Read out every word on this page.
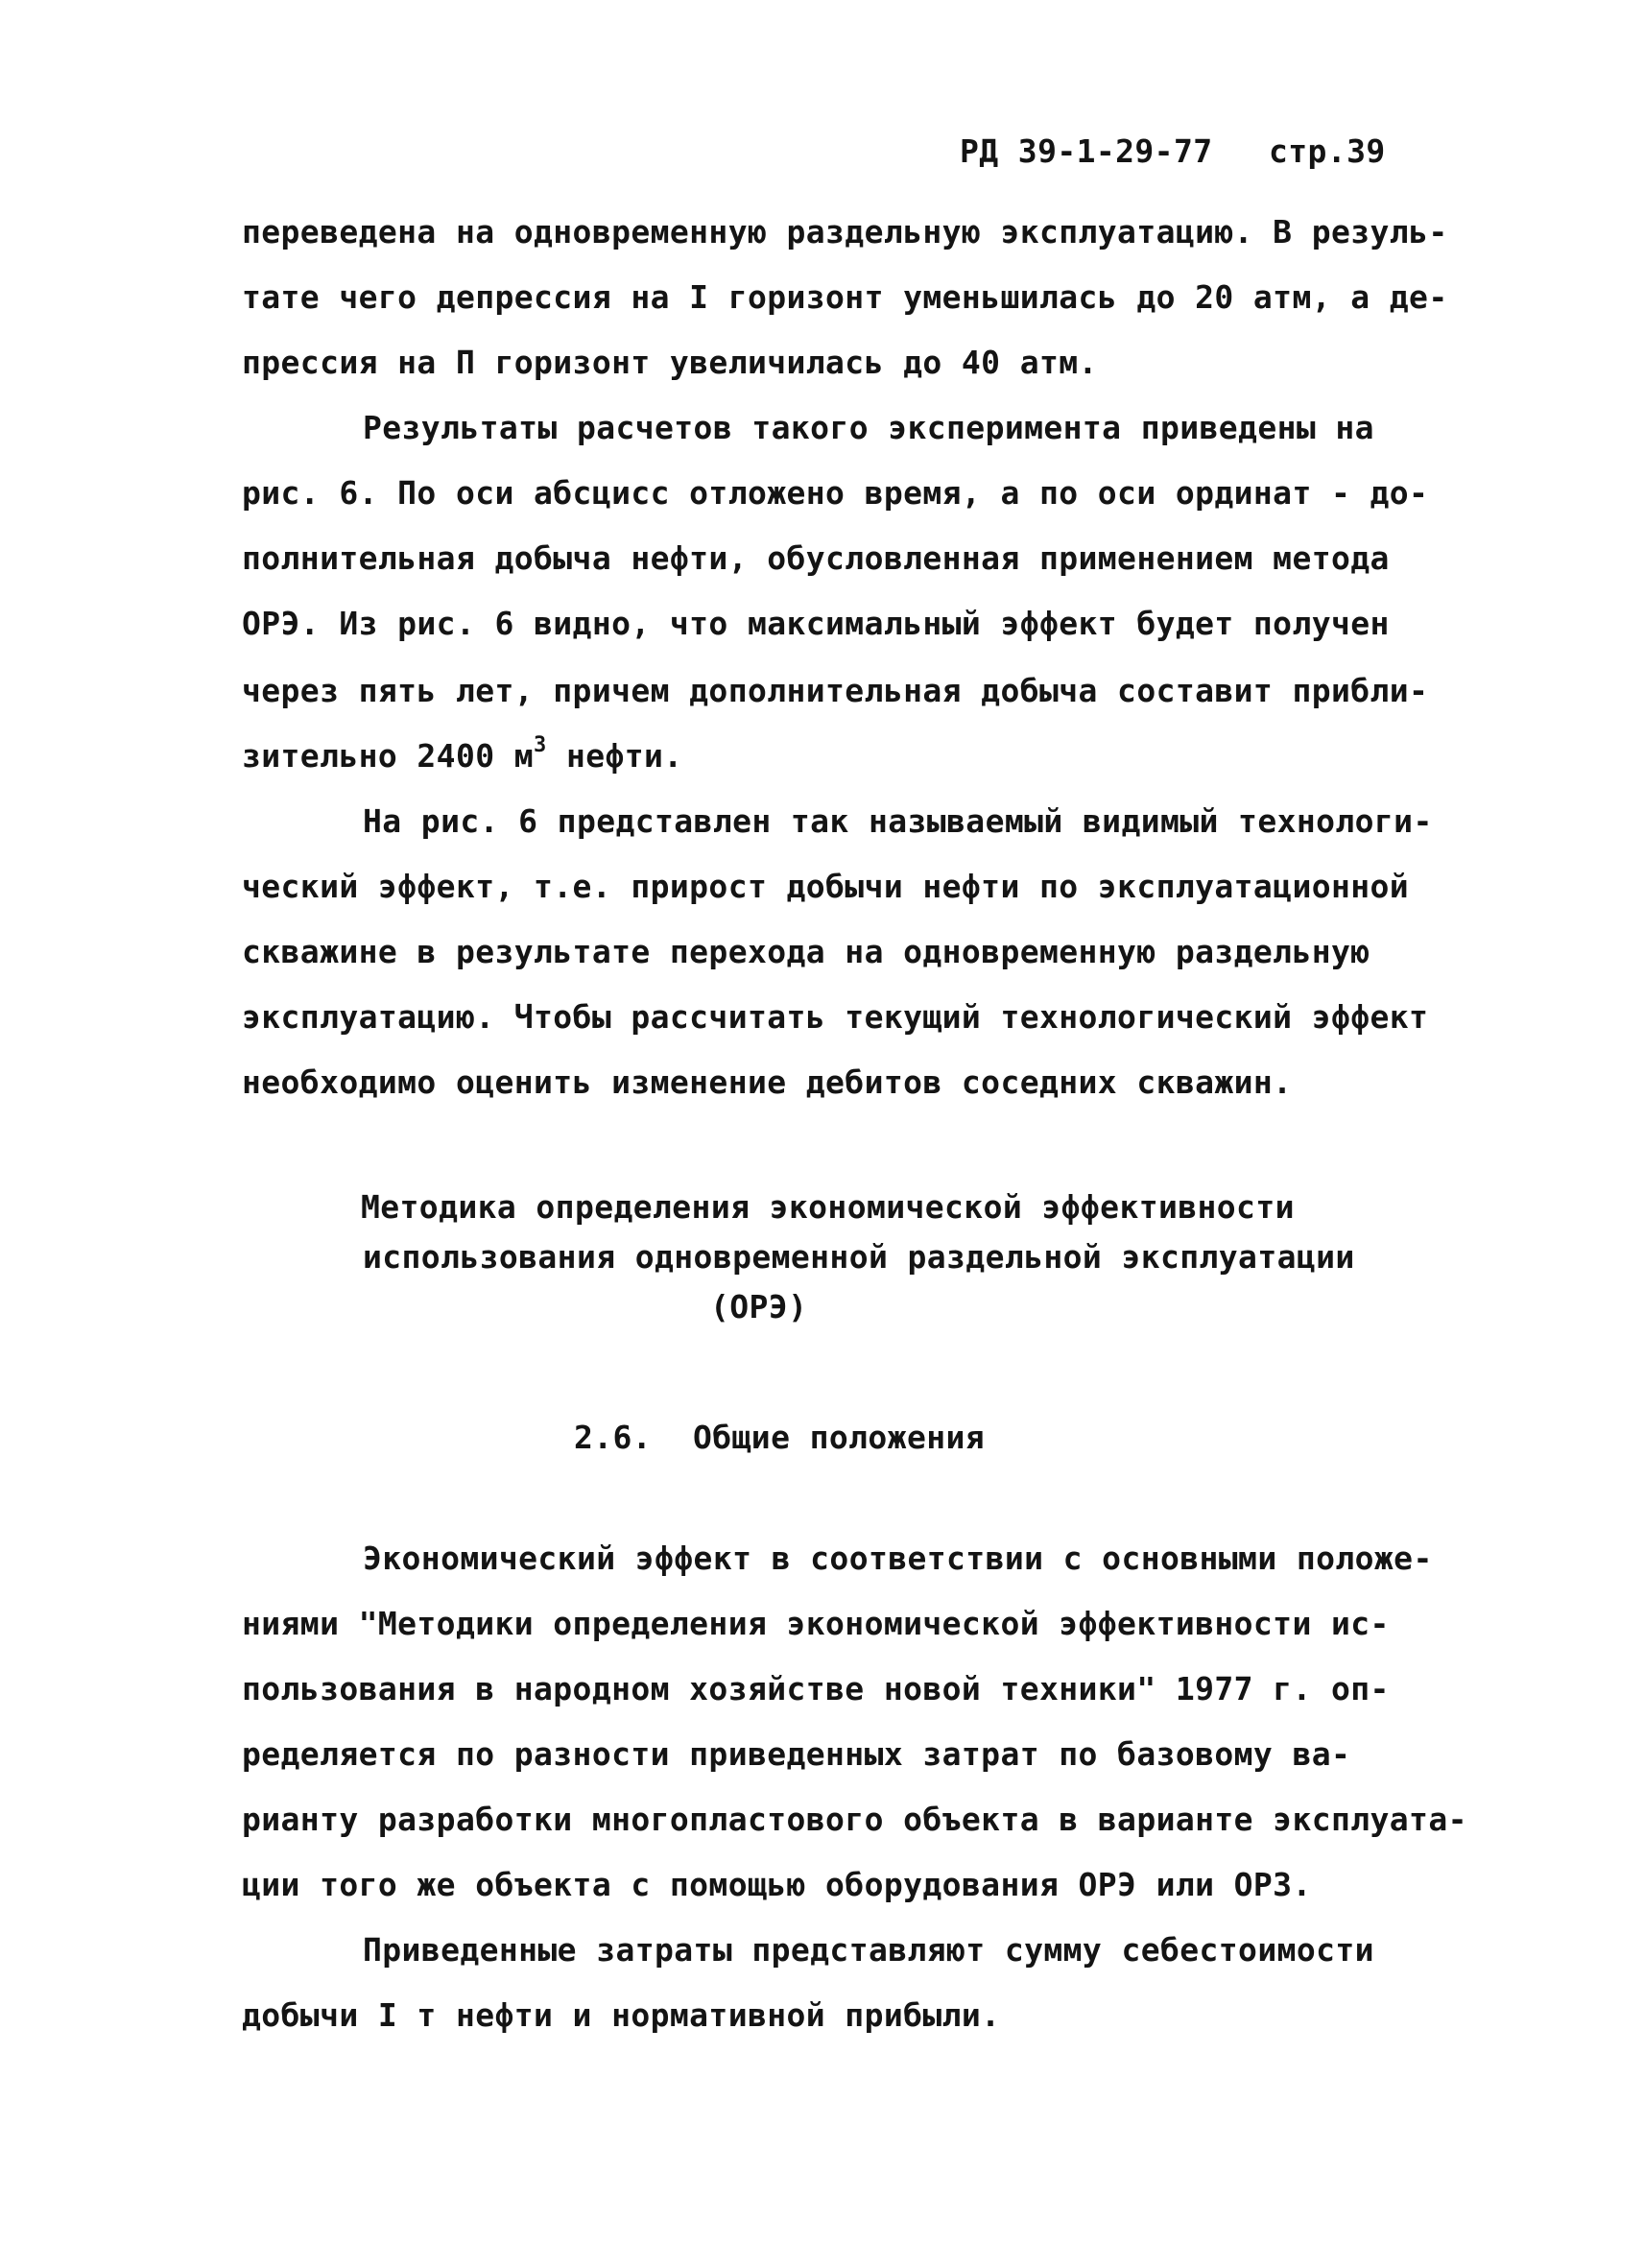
РД 39-1-29-77 стр.39
переведена на одновременную раздельную эксплуатацию. В резуль-
тате чего депрессия на I горизонт уменьшилась до 20 атм, а де-
прессия на П горизонт увеличилась до 40 атм.
Результаты расчетов такого эксперимента приведены на
рис. 6. По оси абсцисс отложено время, а по оси ординат - до-
полнительная добыча нефти, обусловленная применением метода
ОРЭ. Из рис. 6 видно, что максимальный эффект будет получен
через пять лет, причем дополнительная добыча составит прибли-
зительно 2400 $м^3$ нефти.
На рис. 6 представлен так называемый видимый технологи-
ческий эффект, т.е. прирост добычи нефти по эксплуатационной
скважине в результате перехода на одновременную раздельную
эксплуатацию. Чтобы рассчитать текущий технологический эффект
необходимо оценить изменение дебитов соседних скважин.
Методика определения экономической эффективности
использования одновременной раздельной эксплуатации
(ОРЭ)
2.6. Общие положения
Экономический эффект в соответствии с основными положе-
ниями "Методики определения экономической эффективности ис-
пользования в народном хозяйстве новой техники" 1977 г. оп-
ределяется по разности приведенных затрат по базовому ва-
рианту разработки многопластового объекта в варианте эксплуата-
ции того же объекта с помощью оборудования ОРЭ или ОРЗ.
Приведенные затраты представляют сумму себестоимости
добычи I т нефти и нормативной прибыли.
